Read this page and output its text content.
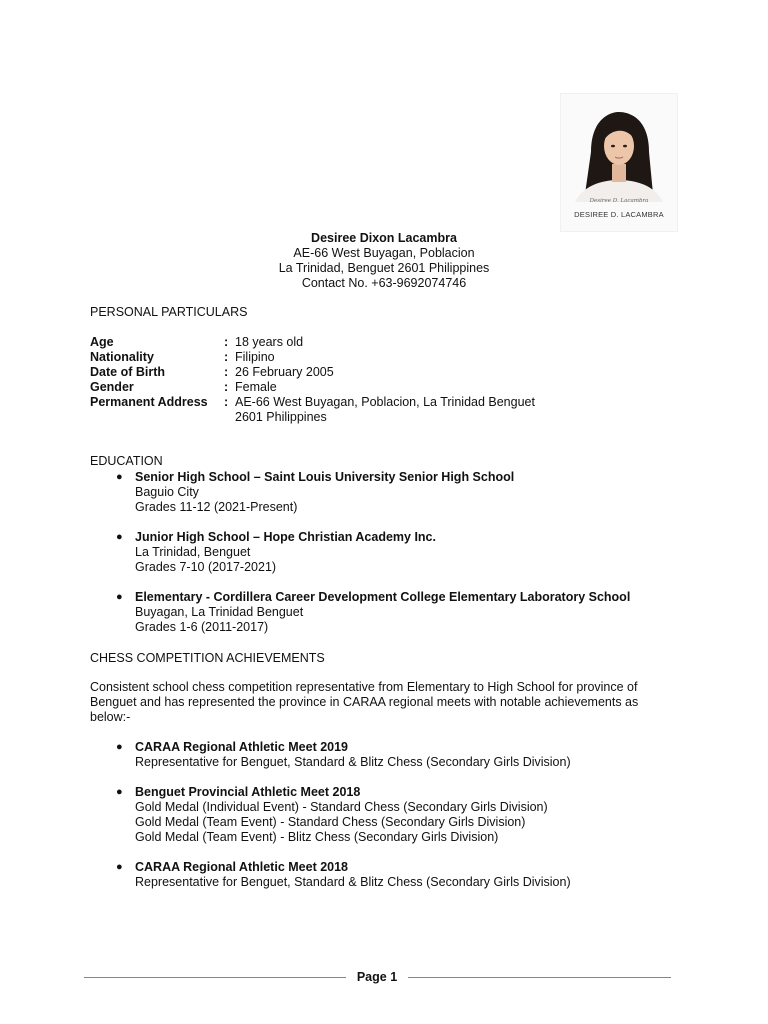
Desiree D. Lacambra
DESIREE D. LACAMBRA
Desiree Dixon Lacambra
AE-66 West Buyagan, Poblacion
La Trinidad, Benguet 2601 Philippines
Contact No. +63-9692074746
PERSONAL PARTICULARS
Age	: 18 years old
Nationality	: Filipino
Date of Birth	: 26 February 2005
Gender	: Female
Permanent Address	: AE-66 West Buyagan, Poblacion, La Trinidad Benguet
2601 Philippines
EDUCATION
● Senior High School – Saint Louis University Senior High School
Baguio City
Grades 11-12 (2021-Present)
● Junior High School – Hope Christian Academy Inc.
La Trinidad, Benguet
Grades 7-10 (2017-2021)
● Elementary - Cordillera Career Development College Elementary Laboratory School
Buyagan, La Trinidad Benguet
Grades 1-6 (2011-2017)
CHESS COMPETITION ACHIEVEMENTS
Consistent school chess competition representative from Elementary to High School for province of Benguet and has represented the province in CARAA regional meets with notable achievements as below:-
● CARAA Regional Athletic Meet 2019
Representative for Benguet, Standard & Blitz Chess (Secondary Girls Division)
● Benguet Provincial Athletic Meet 2018
Gold Medal (Individual Event) - Standard Chess (Secondary Girls Division)
Gold Medal (Team Event) - Standard Chess (Secondary Girls Division)
Gold Medal (Team Event) - Blitz Chess (Secondary Girls Division)
● CARAA Regional Athletic Meet 2018
Representative for Benguet, Standard & Blitz Chess (Secondary Girls Division)
Page 1
